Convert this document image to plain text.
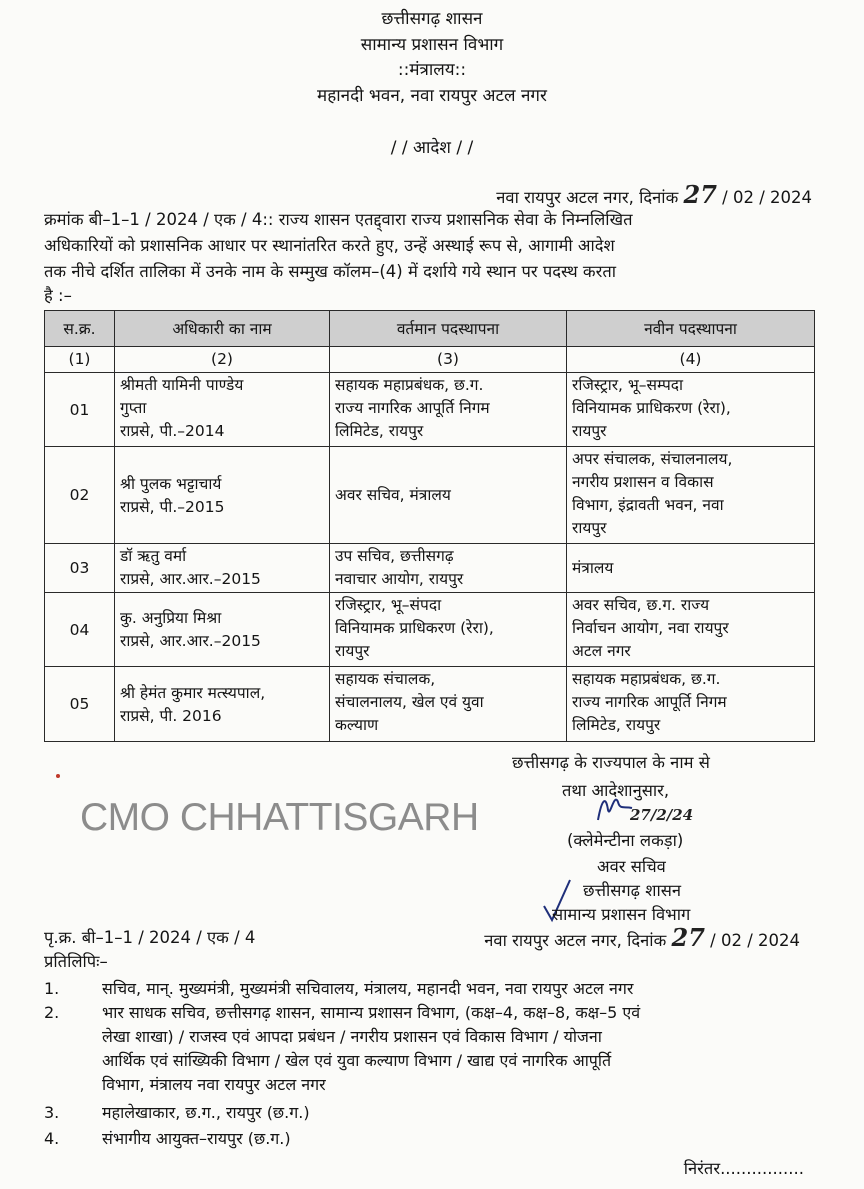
छत्तीसगढ़ शासन
सामान्य प्रशासन विभाग
::मंत्रालय::
महानदी भवन, नवा रायपुर अटल नगर
/ / आदेश / /
नवा रायपुर अटल नगर, दिनांक 27 / 02 / 2024
क्रमांक बी–1–1 / 2024 / एक / 4:: राज्य शासन एतद्द्वारा राज्य प्रशासनिक सेवा के निम्नलिखित
अधिकारियों को प्रशासनिक आधार पर स्थानांतरित करते हुए, उन्हें अस्थाई रूप से, आगामी आदेश
तक नीचे दर्शित तालिका में उनके नाम के सम्मुख कॉलम–(4) में दर्शाये गये स्थान पर पदस्थ करता
है :–
स.क्र.	अधिकारी का नाम	वर्तमान पदस्थापना	नवीन पदस्थापना
(1)	(2)	(3)	(4)
01	श्रीमती यामिनी पाण्डेय
गुप्ता
राप्रसे, पी.–2014	सहायक महाप्रबंधक, छ.ग.
राज्य नागरिक आपूर्ति निगम
लिमिटेड, रायपुर	रजिस्ट्रार, भू–सम्पदा
विनियामक प्राधिकरण (रेरा),
रायपुर

02	श्री पुलक भट्टाचार्य
राप्रसे, पी.–2015	अवर सचिव, मंत्रालय	अपर संचालक, संचालनालय,
नगरीय प्रशासन व विकास
विभाग, इंद्रावती भवन, नवा
रायपुर

03	डॉ ऋतु वर्मा
राप्रसे, आर.आर.–2015	उप सचिव, छत्तीसगढ़
नवाचार आयोग, रायपुर	मंत्रालय

04	कु. अनुप्रिया मिश्रा
राप्रसे, आर.आर.–2015	रजिस्ट्रार, भू–संपदा
विनियामक प्राधिकरण (रेरा),
रायपुर	अवर सचिव, छ.ग. राज्य
निर्वाचन आयोग, नवा रायपुर
अटल नगर

05	श्री हेमंत कुमार मत्स्यपाल,
राप्रसे, पी. 2016	सहायक संचालक,
संचालनालय, खेल एवं युवा
कल्याण	सहायक महाप्रबंधक, छ.ग.
राज्य नागरिक आपूर्ति निगम
लिमिटेड, रायपुर
CMO CHHATTISGARH
छत्तीसगढ़ के राज्यपाल के नाम से
तथा आदेशानुसार,
27/2/24
(क्लेमेन्टीना लकड़ा)
अवर सचिव
छत्तीसगढ़ शासन
सामान्य प्रशासन विभाग
पृ.क्र. बी–1–1 / 2024 / एक / 4	नवा रायपुर अटल नगर, दिनांक 27 / 02 / 2024
प्रतिलिपिः–
1.	सचिव, मान्. मुख्यमंत्री, मुख्यमंत्री सचिवालय, मंत्रालय, महानदी भवन, नवा रायपुर अटल नगर
2.	भार साधक सचिव, छत्तीसगढ़ शासन, सामान्य प्रशासन विभाग, (कक्ष–4, कक्ष–8, कक्ष–5 एवं
लेखा शाखा) / राजस्व एवं आपदा प्रबंधन / नगरीय प्रशासन एवं विकास विभाग / योजना
आर्थिक एवं सांख्यिकी विभाग / खेल एवं युवा कल्याण विभाग / खाद्य एवं नागरिक आपूर्ति
विभाग, मंत्रालय नवा रायपुर अटल नगर
3.	महालेखाकार, छ.ग., रायपुर (छ.ग.)
4.	संभागीय आयुक्त–रायपुर (छ.ग.)
निरंतर................
